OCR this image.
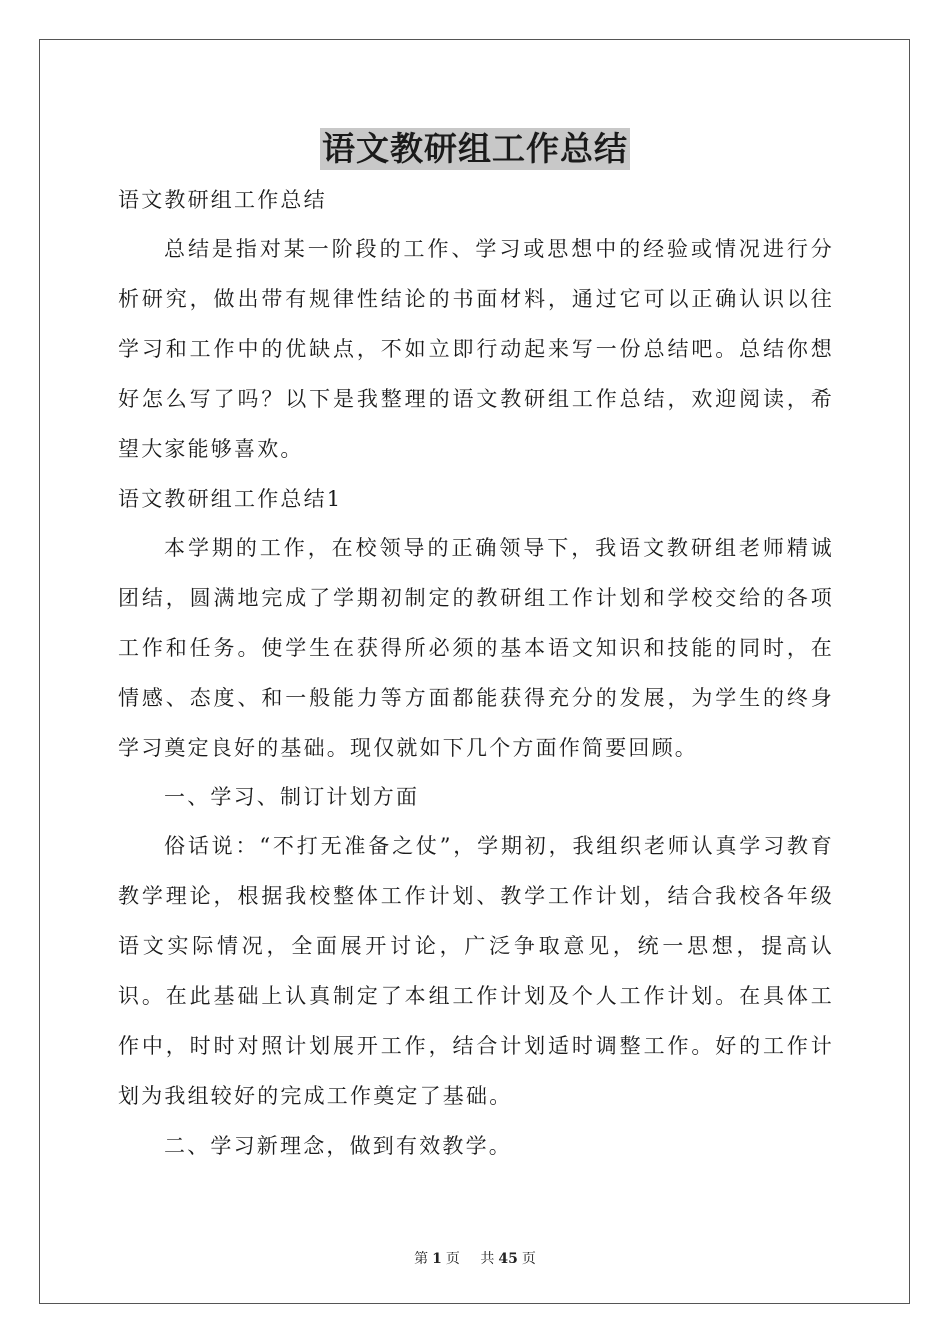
语文教研组工作总结
语文教研组工作总结
总结是指对某一阶段的工作、学习或思想中的经验或情况进行分析研究，做出带有规律性结论的书面材料，通过它可以正确认识以往学习和工作中的优缺点，不如立即行动起来写一份总结吧。总结你想好怎么写了吗？以下是我整理的语文教研组工作总结，欢迎阅读，希望大家能够喜欢。
语文教研组工作总结1
本学期的工作，在校领导的正确领导下，我语文教研组老师精诚团结，圆满地完成了学期初制定的教研组工作计划和学校交给的各项工作和任务。使学生在获得所必须的基本语文知识和技能的同时，在情感、态度、和一般能力等方面都能获得充分的发展，为学生的终身学习奠定良好的基础。现仅就如下几个方面作简要回顾。
一、学习、制订计划方面
俗话说：“不打无准备之仗”，学期初，我组织老师认真学习教育教学理论，根据我校整体工作计划、教学工作计划，结合我校各年级语文实际情况，全面展开讨论，广泛争取意见，统一思想，提高认识。在此基础上认真制定了本组工作计划及个人工作计划。在具体工作中，时时对照计划展开工作，结合计划适时调整工作。好的工作计划为我组较好的完成工作奠定了基础。
二、学习新理念，做到有效教学。
第 1 页 共 45 页
